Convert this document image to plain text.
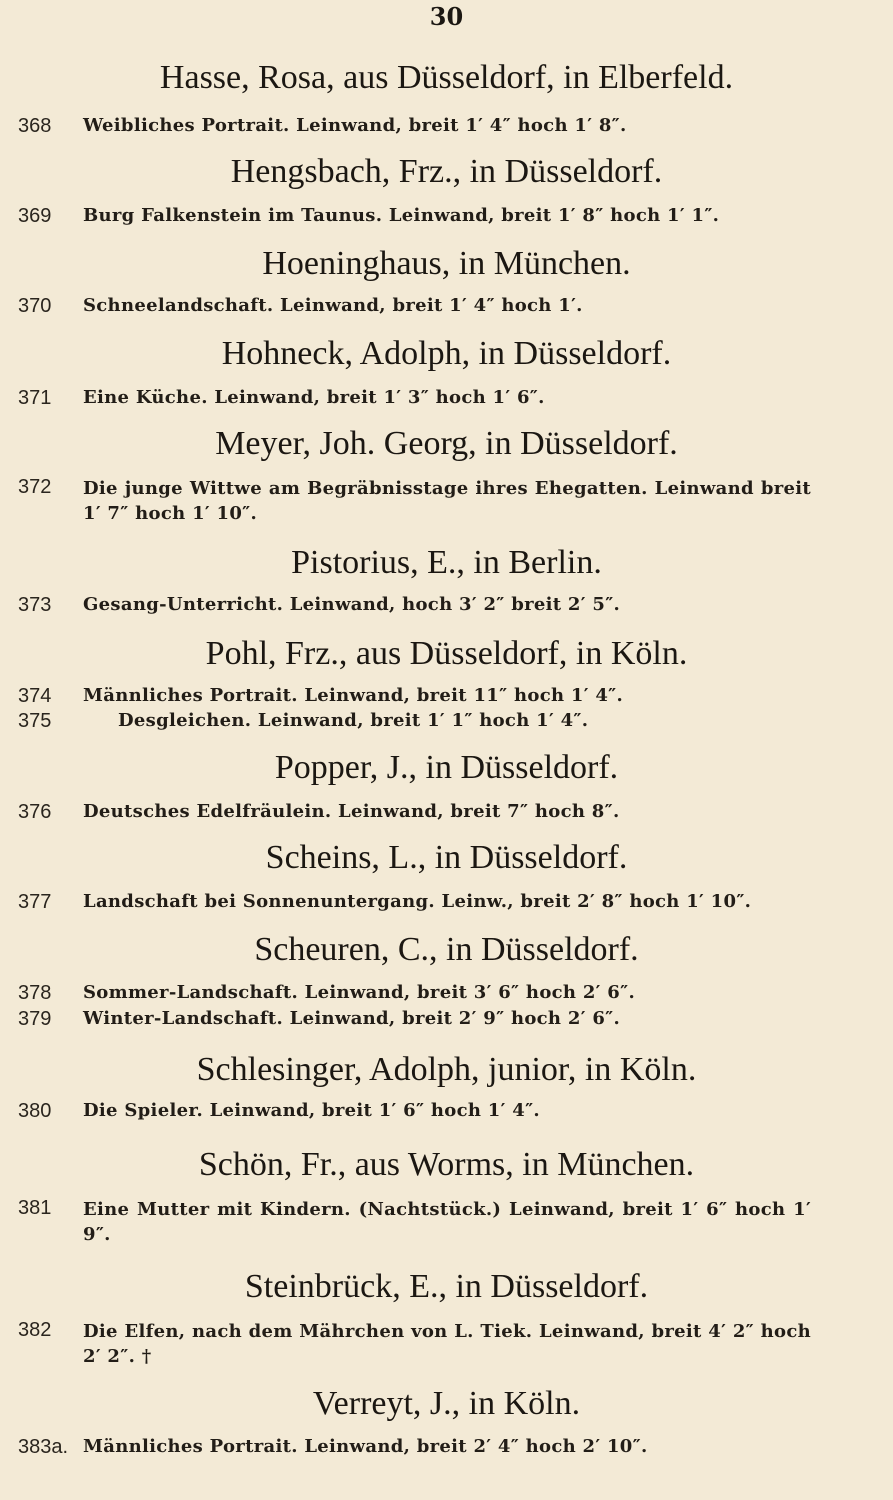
30
Hasse, Rosa, aus Düsseldorf, in Elberfeld.
368 Weibliches Portrait. Leinwand, breit 1′ 4″ hoch 1′ 8″.
Hengsbach, Frz., in Düsseldorf.
369 Burg Falkenstein im Taunus. Leinwand, breit 1′ 8″ hoch 1′ 1″.
Hoeninghaus, in München.
370 Schneelandschaft. Leinwand, breit 1′ 4″ hoch 1′.
Hohneck, Adolph, in Düsseldorf.
371 Eine Küche. Leinwand, breit 1′ 3″ hoch 1′ 6″.
Meyer, Joh. Georg, in Düsseldorf.
372 Die junge Wittwe am Begräbnisstage ihres Ehegatten. Leinwand breit 1′ 7″ hoch 1′ 10″.
Pistorius, E., in Berlin.
373 Gesang-Unterricht. Leinwand, hoch 3′ 2″ breit 2′ 5″.
Pohl, Frz., aus Düsseldorf, in Köln.
374 Männliches Portrait. Leinwand, breit 11″ hoch 1′ 4″.
375	Desgleichen. Leinwand, breit 1′ 1″ hoch 1′ 4″.
Popper, J., in Düsseldorf.
376 Deutsches Edelfräulein. Leinwand, breit 7″ hoch 8″.
Scheins, L., in Düsseldorf.
377 Landschaft bei Sonnenuntergang. Leinw., breit 2′ 8″ hoch 1′ 10″.
Scheuren, C., in Düsseldorf.
378 Sommer-Landschaft. Leinwand, breit 3′ 6″ hoch 2′ 6″.
379 Winter-Landschaft. Leinwand, breit 2′ 9″ hoch 2′ 6″.
Schlesinger, Adolph, junior, in Köln.
380 Die Spieler. Leinwand, breit 1′ 6″ hoch 1′ 4″.
Schön, Fr., aus Worms, in München.
381 Eine Mutter mit Kindern. (Nachtstück.) Leinwand, breit 1′ 6″ hoch 1′ 9″.
Steinbrück, E., in Düsseldorf.
382 Die Elfen, nach dem Mährchen von L. Tiek. Leinwand, breit 4′ 2″ hoch 2′ 2″. †
Verreyt, J., in Köln.
383a. Männliches Portrait. Leinwand, breit 2′ 4″ hoch 2′ 10″.
